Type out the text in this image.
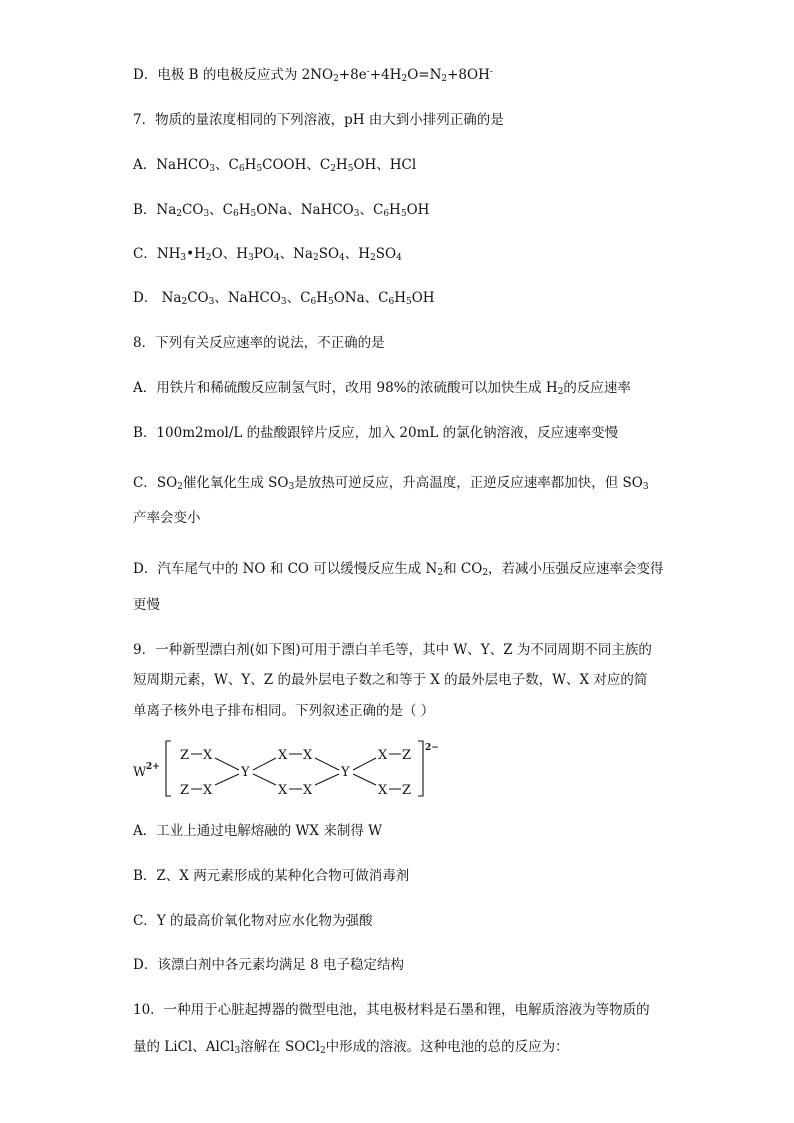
D．电极 B 的电极反应式为 $2NO_2+8e^-+4H_2O=N_2+8OH^-$
7．物质的量浓度相同的下列溶液，pH 由大到小排列正确的是
A．NaHCO$_3$、$C_6H_5COOH$、$C_2H_5OH$、HCl
B．$Na_2CO_3$、$C_6H_5ONa$、NaHCO$_3$、$C_6H_5OH$
C．$NH_3•H_2O$、$H_3PO_4$、$Na_2SO_4$、$H_2SO_4$
D． $Na_2CO_3$、NaHCO$_3$、$C_6H_5ONa$、$C_6H_5OH$
8．下列有关反应速率的说法，不正确的是
A．用铁片和稀硫酸反应制氢气时，改用 98%的浓硫酸可以加快生成 $H_2$的反应速率
B．100m2mol/L 的盐酸跟锌片反应，加入 20mL 的氯化钠溶液，反应速率变慢
C．$SO_2$催化氧化生成 $SO_3$是放热可逆反应，升高温度，正逆反应速率都加快，但 $SO_3$
产率会变小
D．汽车尾气中的 NO 和 CO 可以缓慢反应生成 $N_2$和 $CO_2$，若减小压强反应速率会变得
更慢
9．一种新型漂白剂(如下图)可用于漂白羊毛等，其中 W、Y、Z 为不同周期不同主族的
短周期元素，W、Y、Z 的最外层电子数之和等于 X 的最外层电子数，W、X 对应的简
单离子核外电子排布相同。下列叙述正确的是（ ）
W 2+
Z X
Z X
Y
X X
X X
Y
X Z
X Z
2−
A．工业上通过电解熔融的 WX 来制得 W
B．Z、X 两元素形成的某种化合物可做消毒剂
C．Y 的最高价氧化物对应水化物为强酸
D．该漂白剂中各元素均满足 8 电子稳定结构
10．一种用于心脏起搏器的微型电池，其电极材料是石墨和锂，电解质溶液为等物质的
量的 LiCl、AlCl$_3$溶解在 SOCl$_2$中形成的溶液。这种电池的总的反应为：
